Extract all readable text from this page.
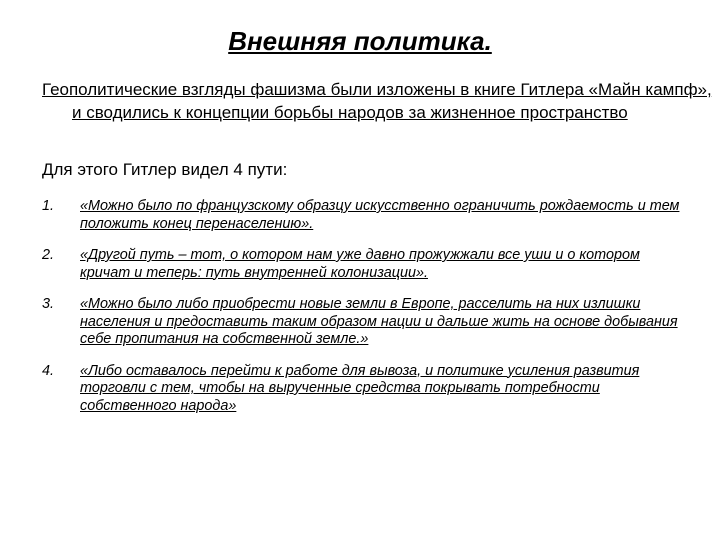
Внешняя политика.
Геополитические взгляды фашизма были изложены в книге Гитлера «Майн кампф», и сводились к концепции борьбы народов за жизненное пространство
Для этого Гитлер видел 4 пути:
1.	«Можно было по французскому образцу искусственно ограничить рождаемость и тем положить конец перенаселению».
2.	«Другой путь – тот, о котором нам уже давно прожужжали все уши и о котором кричат и теперь: путь внутренней колонизации».
3.	«Можно было либо приобрести новые земли в Европе, расселить на них излишки населения и предоставить таким образом нации и дальше жить на основе добывания себе пропитания на собственной земле.»
4.	«Либо оставалось перейти к работе для вывоза, и политике усиления развития торговли с тем, чтобы на вырученные средства покрывать потребности собственного народа»
